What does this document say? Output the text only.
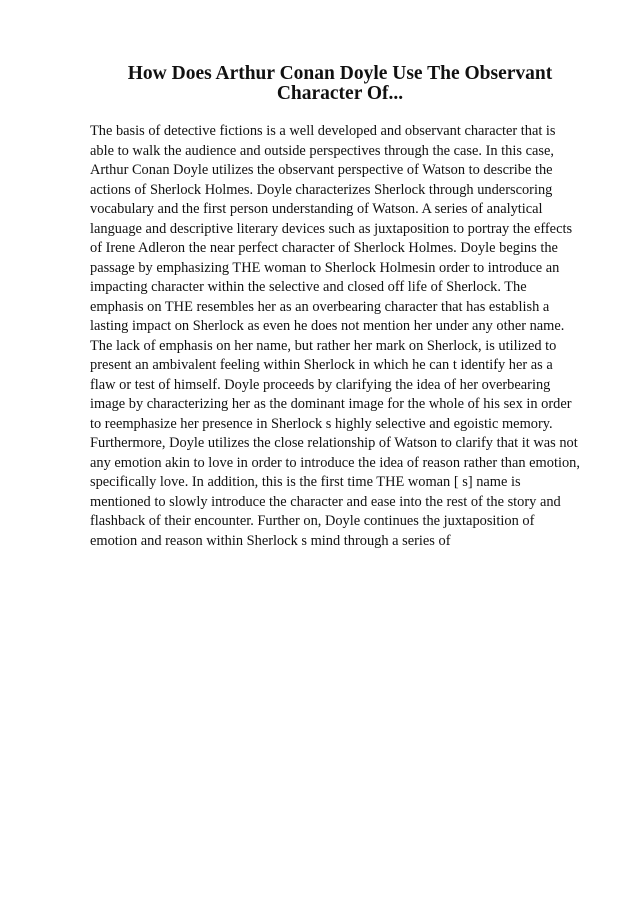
How Does Arthur Conan Doyle Use The Observant
Character Of...
The basis of detective fictions is a well developed and observant character that is
able to walk the audience and outside perspectives through the case. In this case,
Arthur Conan Doyle utilizes the observant perspective of Watson to describe the
actions of Sherlock Holmes. Doyle characterizes Sherlock through underscoring
vocabulary and the first person understanding of Watson. A series of analytical
language and descriptive literary devices such as juxtaposition to portray the effects
of Irene Adleron the near perfect character of Sherlock Holmes. Doyle begins the
passage by emphasizing THE woman to Sherlock Holmesin order to introduce an
impacting character within the selective and closed off life of Sherlock. The
emphasis on THE resembles her as an overbearing character that has establish a
lasting impact on Sherlock as even he does not mention her under any other name.
The lack of emphasis on her name, but rather her mark on Sherlock, is utilized to
present an ambivalent feeling within Sherlock in which he can t identify her as a
flaw or test of himself. Doyle proceeds by clarifying the idea of her overbearing
image by characterizing her as the dominant image for the whole of his sex in order
to reemphasize her presence in Sherlock s highly selective and egoistic memory.
Furthermore, Doyle utilizes the close relationship of Watson to clarify that it was not
any emotion akin to love in order to introduce the idea of reason rather than emotion,
specifically love. In addition, this is the first time THE woman [ s] name is
mentioned to slowly introduce the character and ease into the rest of the story and
flashback of their encounter. Further on, Doyle continues the juxtaposition of
emotion and reason within Sherlock s mind through a series of
